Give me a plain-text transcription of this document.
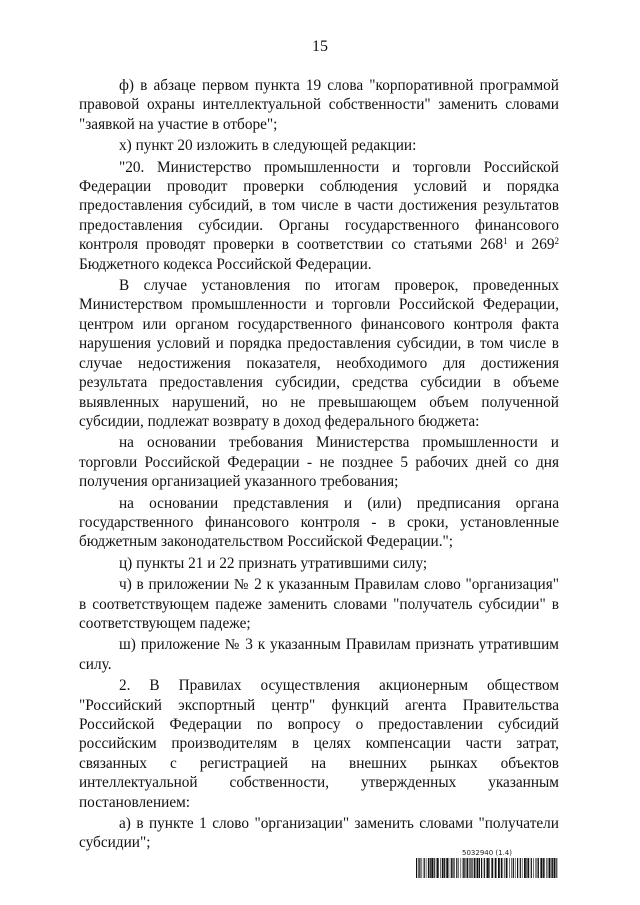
15

ф) в абзаце первом пункта 19 слова "корпоративной программой правовой охраны интеллектуальной собственности" заменить словами "заявкой на участие в отборе";

х) пункт 20 изложить в следующей редакции:

"20. Министерство промышленности и торговли Российской Федерации проводит проверки соблюдения условий и порядка предоставления субсидий, в том числе в части достижения результатов предоставления субсидии. Органы государственного финансового контроля проводят проверки в соответствии со статьями $268^1$ и $269^2$ Бюджетного кодекса Российской Федерации.

В случае установления по итогам проверок, проведенных Министерством промышленности и торговли Российской Федерации, центром или органом государственного финансового контроля факта нарушения условий и порядка предоставления субсидии, в том числе в случае недостижения показателя, необходимого для достижения результата предоставления субсидии, средства субсидии в объеме выявленных нарушений, но не превышающем объем полученной субсидии, подлежат возврату в доход федерального бюджета:

на основании требования Министерства промышленности и торговли Российской Федерации - не позднее 5 рабочих дней со дня получения организацией указанного требования;

на основании представления и (или) предписания органа государственного финансового контроля - в сроки, установленные бюджетным законодательством Российской Федерации.";

ц) пункты 21 и 22 признать утратившими силу;

ч) в приложении № 2 к указанным Правилам слово "организация" в соответствующем падеже заменить словами "получатель субсидии" в соответствующем падеже;

ш) приложение № 3 к указанным Правилам признать утратившим силу.

2. В Правилах осуществления акционерным обществом "Российский экспортный центр" функций агента Правительства Российской Федерации по вопросу о предоставлении субсидий российским производителям в целях компенсации части затрат, связанных с регистрацией на внешних рынках объектов интеллектуальной собственности, утвержденных указанным постановлением:

а) в пункте 1 слово "организации" заменить словами "получатели субсидии";

5032940 (1.4)
